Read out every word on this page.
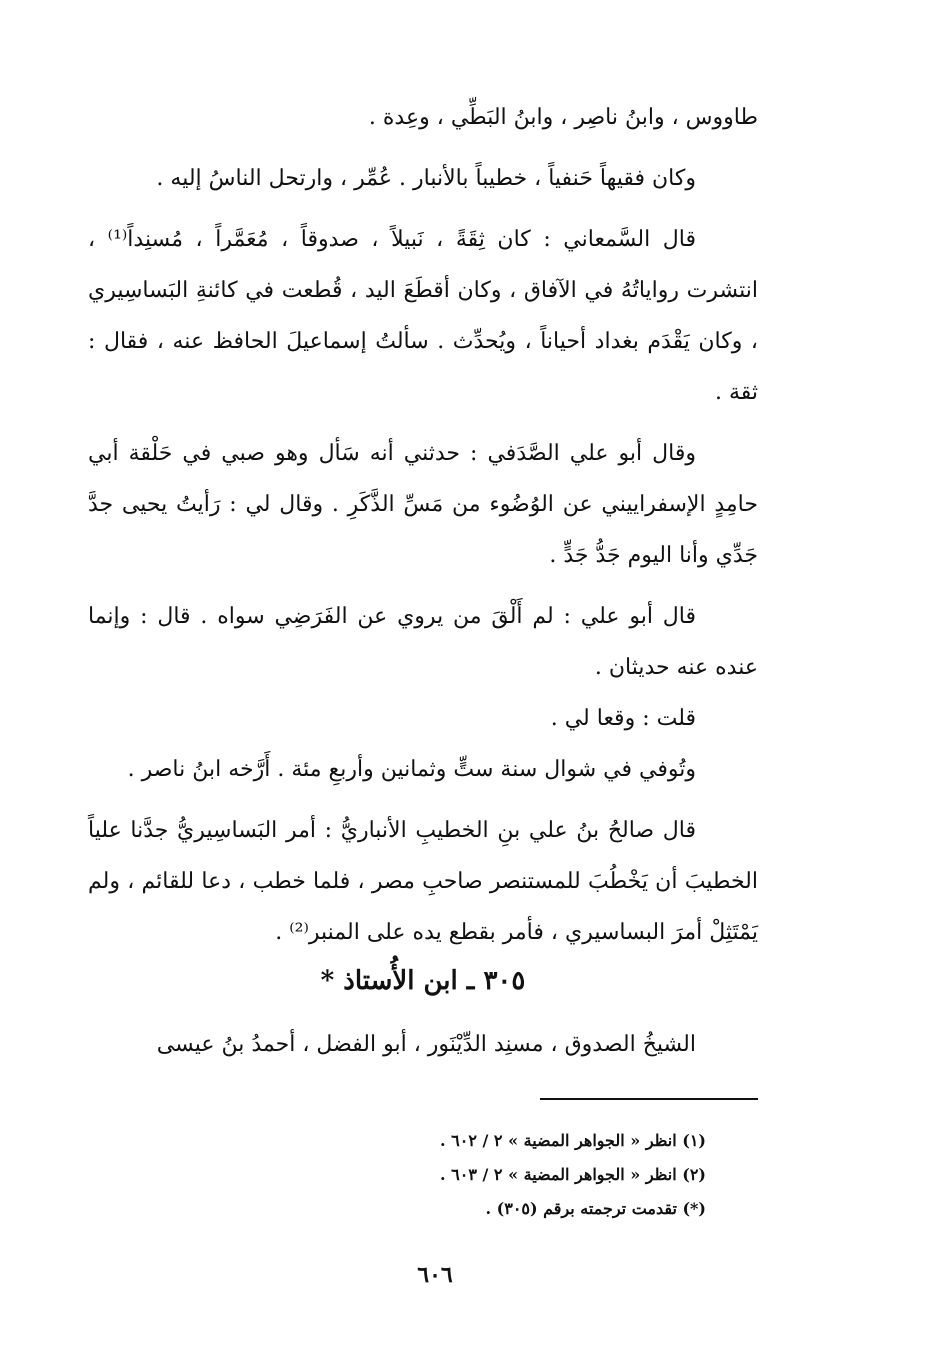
طاووس ، وابنُ ناصِر ، وابنُ البَطِّي ، وعِدة .

وكان فقيهاً حَنفياً ، خطيباً بالأنبار . عُمِّر ، وارتحل الناسُ إليه .

قال السَّمعاني : كان ثِقَةً ، نَبيلاً ، صدوقاً ، مُعَمَّراً ، مُسنِداً⁽¹⁾ ، انتشرت رواياتُهُ في الآفاق ، وكان أقطَعَ اليد ، قُطعت في كائنةِ البَساسِيري ، وكان يَقْدَم بغداد أحياناً ، ويُحدِّث . سألتُ إسماعيلَ الحافظ عنه ، فقال : ثقة .

وقال أبو علي الصَّدَفي : حدثني أنه سَأل وهو صبي في حَلْقة أبي حامِدٍ الإسفراييني عن الوُضُوء من مَسِّ الذَّكَرِ . وقال لي : رَأيتُ يحيى جدَّ جَدِّي وأنا اليوم جَدُّ جَدٍّ .

قال أبو علي : لم أَلْقَ من يروي عن الفَرَضِي سواه . قال : وإنما عنده عنه حديثان .

قلت : وقعا لي .

وتُوفي في شوال سنة ستٍّ وثمانين وأربعِ مئة . أَرَّخه ابنُ ناصر .

قال صالحُ بنُ علي بنِ الخطيبِ الأنباريُّ : أمر البَساسِيريُّ جدَّنا علياً الخطيبَ أن يَخْطُبَ للمستنصر صاحبِ مصر ، فلما خطب ، دعا للقائم ، ولم يَمْتَثِلْ أمرَ البساسيري ، فأمر بقطع يده على المنبر⁽²⁾ .

٣٠٥ ـ ابن الأُستاذ *
الشيخُ الصدوق ، مسنِد الدِّيْنَور ، أبو الفضل ، أحمدُ بنُ عيسى

(١) انظر « الجواهر المضية » ٢ / ٦٠٢ .

(٢) انظر « الجواهر المضية » ٢ / ٦٠٣ .

(*) تقدمت ترجمته برقم (٣٠٥) .

٦٠٦
